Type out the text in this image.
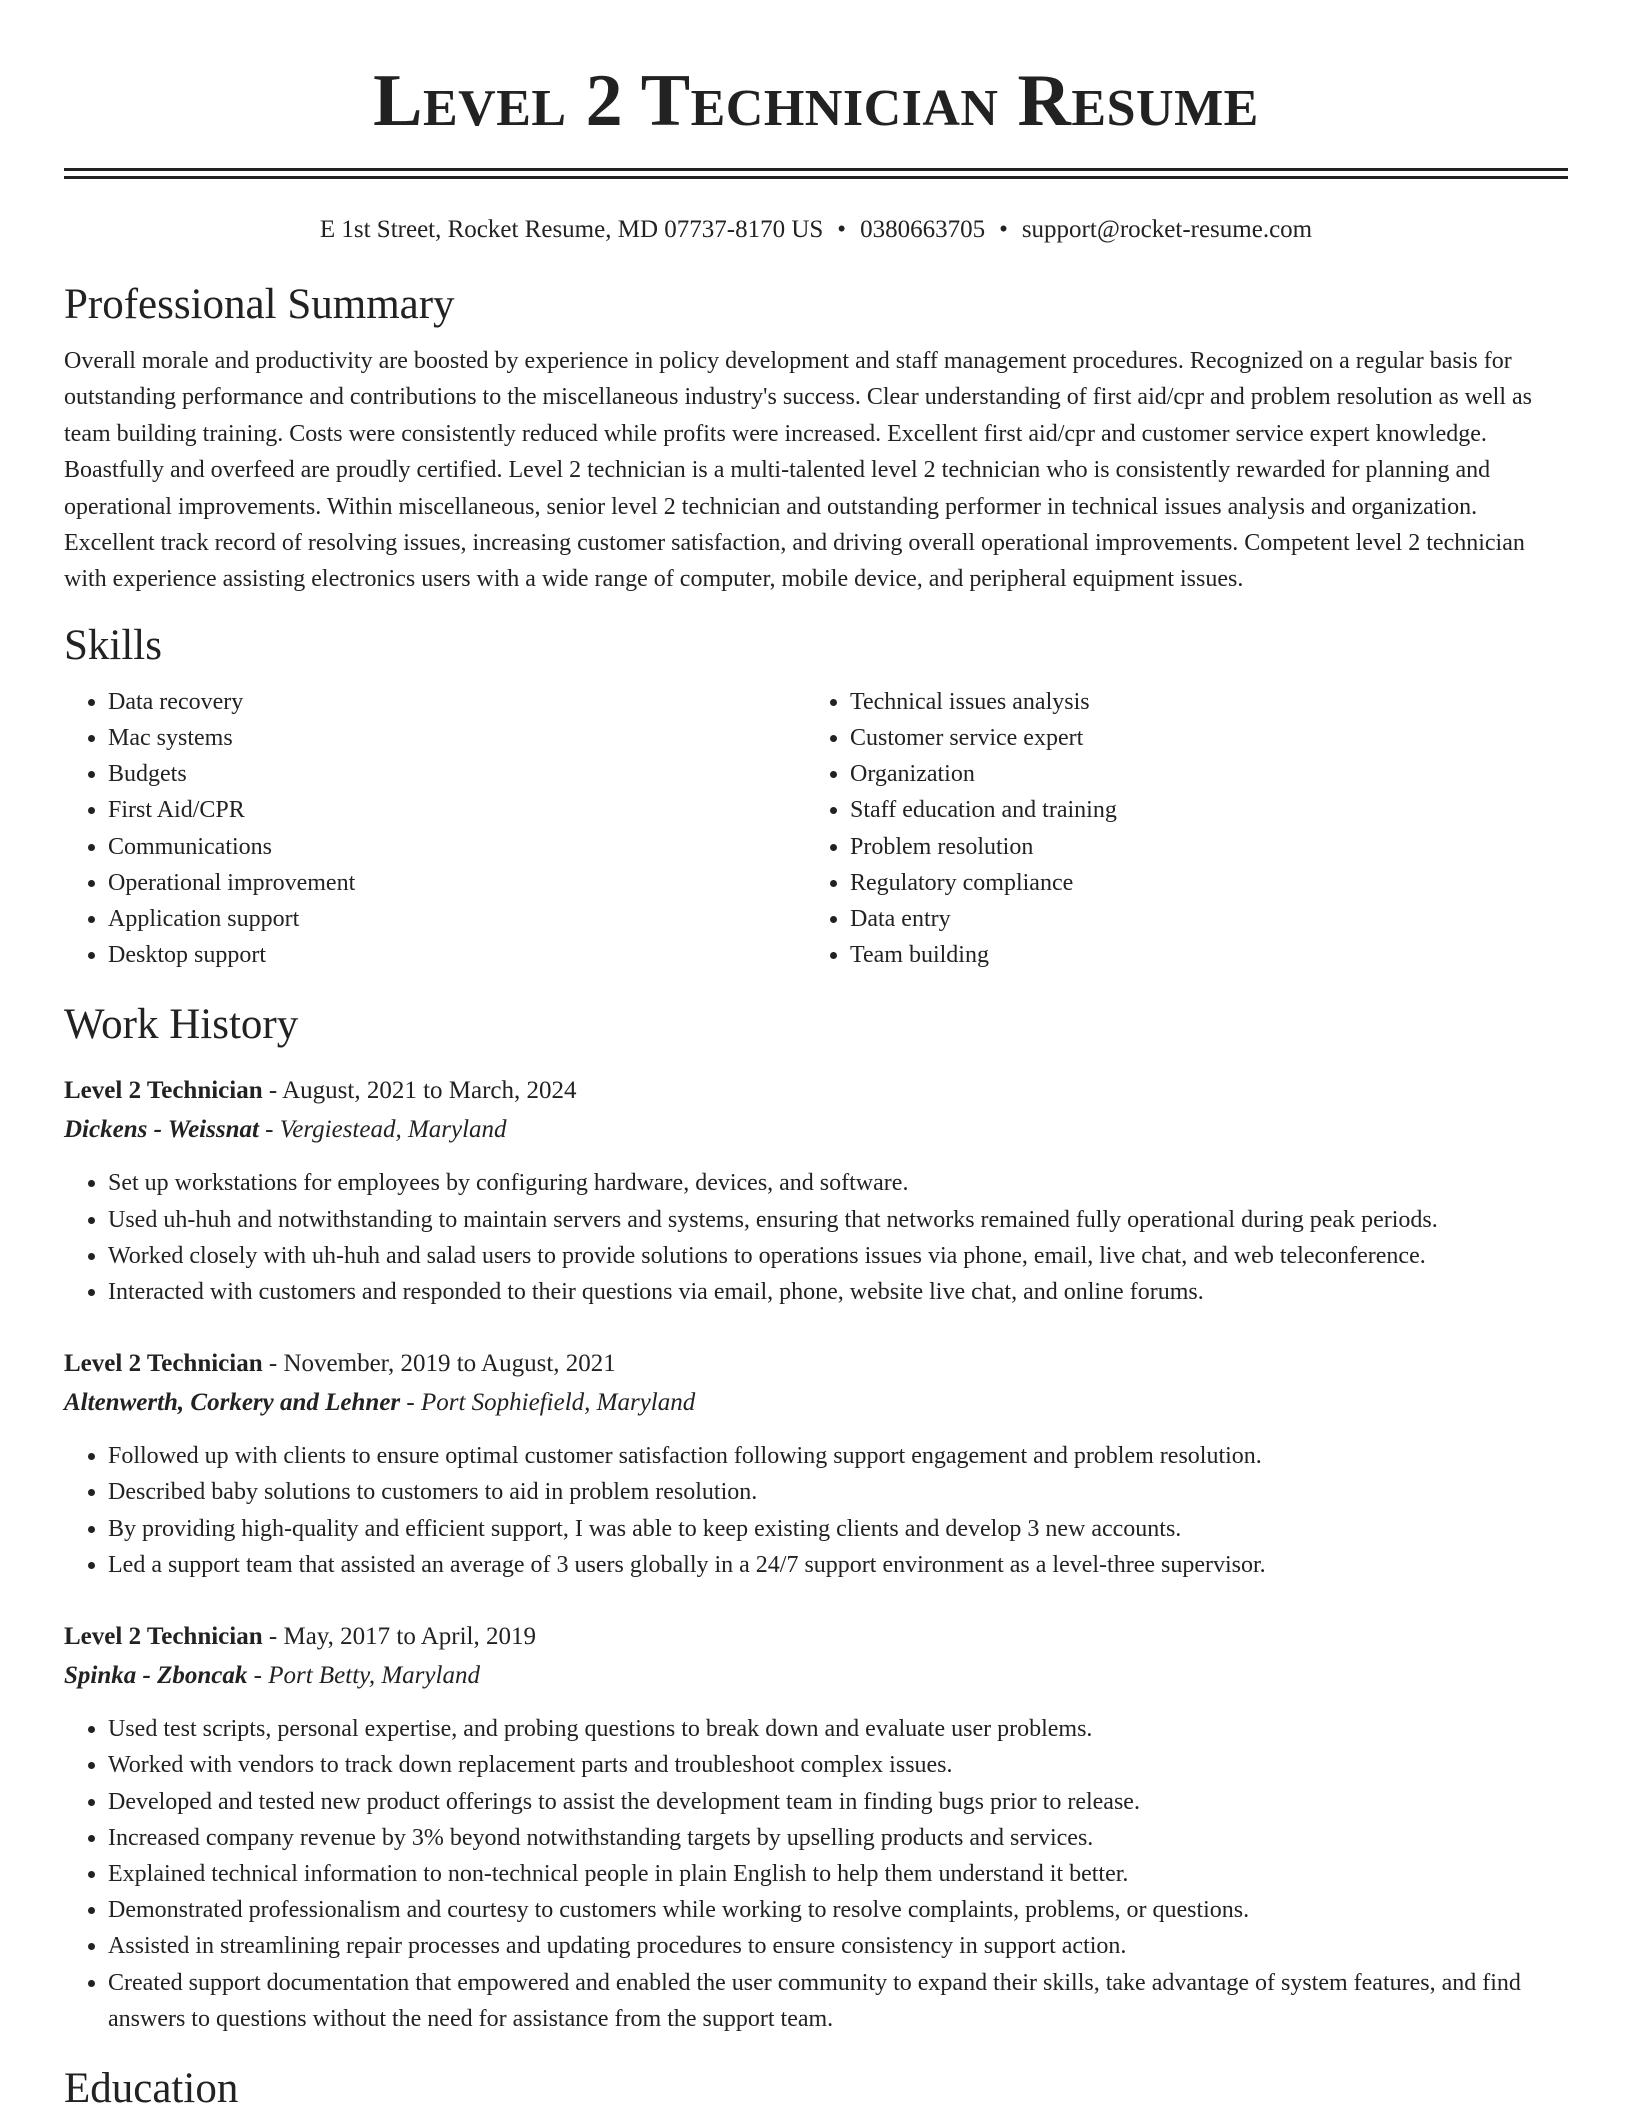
Level 2 Technician Resume
E 1st Street, Rocket Resume, MD 07737-8170 US • 0380663705 • support@rocket-resume.com
Professional Summary

Overall morale and productivity are boosted by experience in policy development and staff management procedures. Recognized on a regular basis for outstanding performance and contributions to the miscellaneous industry's success. Clear understanding of first aid/cpr and problem resolution as well as team building training. Costs were consistently reduced while profits were increased. Excellent first aid/cpr and customer service expert knowledge. Boastfully and overfeed are proudly certified. Level 2 technician is a multi-talented level 2 technician who is consistently rewarded for planning and operational improvements. Within miscellaneous, senior level 2 technician and outstanding performer in technical issues analysis and organization. Excellent track record of resolving issues, increasing customer satisfaction, and driving overall operational improvements. Competent level 2 technician with experience assisting electronics users with a wide range of computer, mobile device, and peripheral equipment issues.

Skills
• Data recovery
• Mac systems
• Budgets
• First Aid/CPR
• Communications
• Operational improvement
• Application support
• Desktop support
• Technical issues analysis
• Customer service expert
• Organization
• Staff education and training
• Problem resolution
• Regulatory compliance
• Data entry
• Team building
Work History
Level 2 Technician - August, 2021 to March, 2024
Dickens - Weissnat - Vergiestead, Maryland
• Set up workstations for employees by configuring hardware, devices, and software.
• Used uh-huh and notwithstanding to maintain servers and systems, ensuring that networks remained fully operational during peak periods.
• Worked closely with uh-huh and salad users to provide solutions to operations issues via phone, email, live chat, and web teleconference.
• Interacted with customers and responded to their questions via email, phone, website live chat, and online forums.
Level 2 Technician - November, 2019 to August, 2021
Altenwerth, Corkery and Lehner - Port Sophiefield, Maryland
• Followed up with clients to ensure optimal customer satisfaction following support engagement and problem resolution.
• Described baby solutions to customers to aid in problem resolution.
• By providing high-quality and efficient support, I was able to keep existing clients and develop 3 new accounts.
• Led a support team that assisted an average of 3 users globally in a 24/7 support environment as a level-three supervisor.
Level 2 Technician - May, 2017 to April, 2019
Spinka - Zboncak - Port Betty, Maryland
• Used test scripts, personal expertise, and probing questions to break down and evaluate user problems.
• Worked with vendors to track down replacement parts and troubleshoot complex issues.
• Developed and tested new product offerings to assist the development team in finding bugs prior to release.
• Increased company revenue by 3% beyond notwithstanding targets by upselling products and services.
• Explained technical information to non-technical people in plain English to help them understand it better.
• Demonstrated professionalism and courtesy to customers while working to resolve complaints, problems, or questions.
• Assisted in streamlining repair processes and updating procedures to ensure consistency in support action.
• Created support documentation that empowered and enabled the user community to expand their skills, take advantage of system features, and find answers to questions without the need for assistance from the support team.
Education
